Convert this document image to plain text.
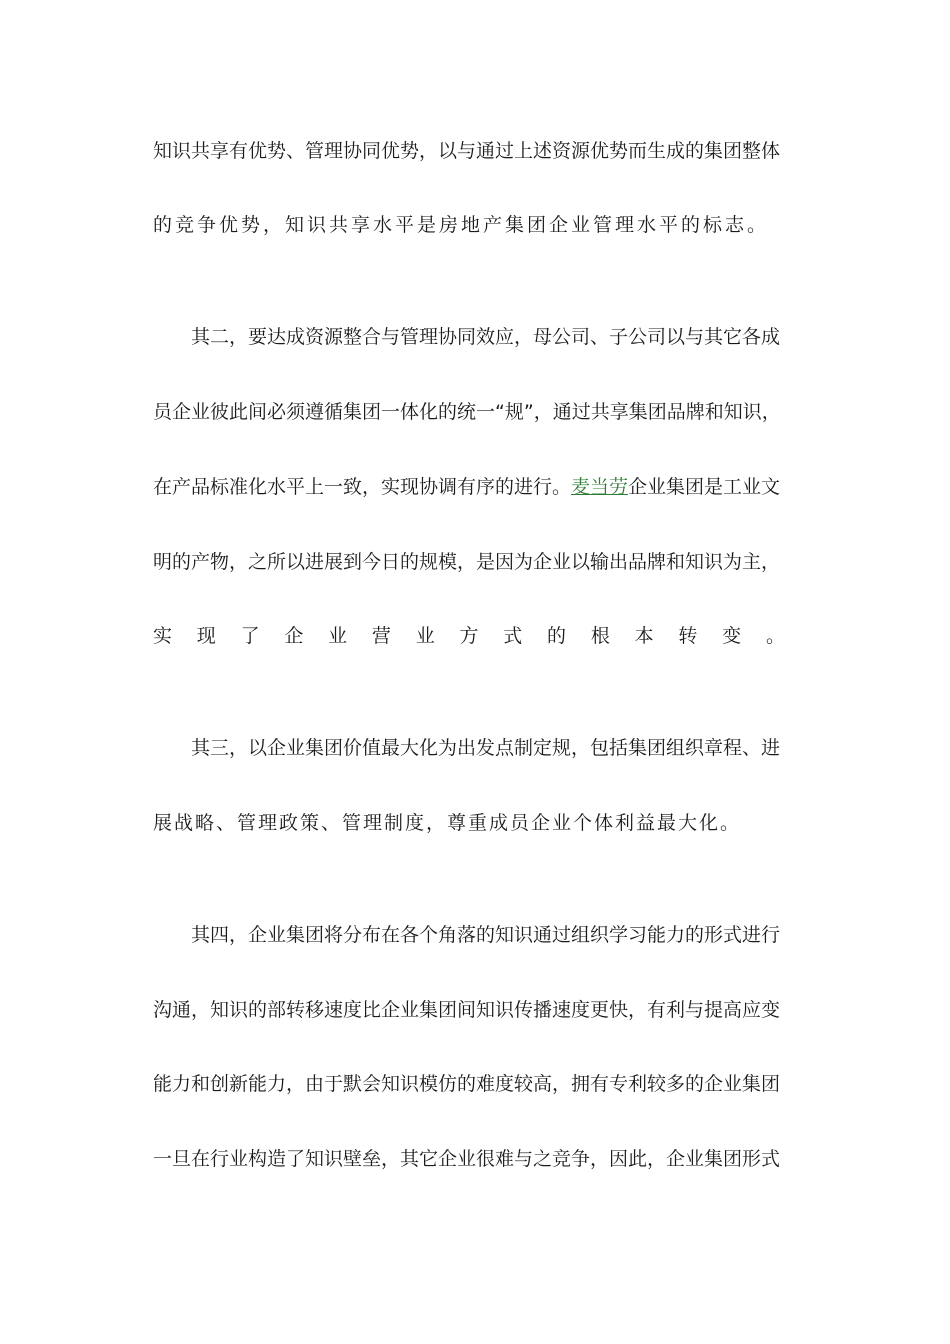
知识共享有优势、管理协同优势，以与通过上述资源优势而生成的集团整体
的竞争优势，知识共享水平是房地产集团企业管理水平的标志。
其二，要达成资源整合与管理协同效应，母公司、子公司以与其它各成
员企业彼此间必须遵循集团一体化的统一“规”，通过共享集团品牌和知识，
在产品标准化水平上一致，实现协调有序的进行。麦当劳企业集团是工业文
明的产物，之所以进展到今日的规模，是因为企业以输出品牌和知识为主，
实 现 了 企 业 营 业 方 式 的 根 本 转 变 。
其三，以企业集团价值最大化为出发点制定规，包括集团组织章程、进
展战略、管理政策、管理制度，尊重成员企业个体利益最大化。
其四，企业集团将分布在各个角落的知识通过组织学习能力的形式进行
沟通，知识的部转移速度比企业集团间知识传播速度更快，有利与提高应变
能力和创新能力，由于默会知识模仿的难度较高，拥有专利较多的企业集团
一旦在行业构造了知识壁垒，其它企业很难与之竞争，因此，企业集团形式
